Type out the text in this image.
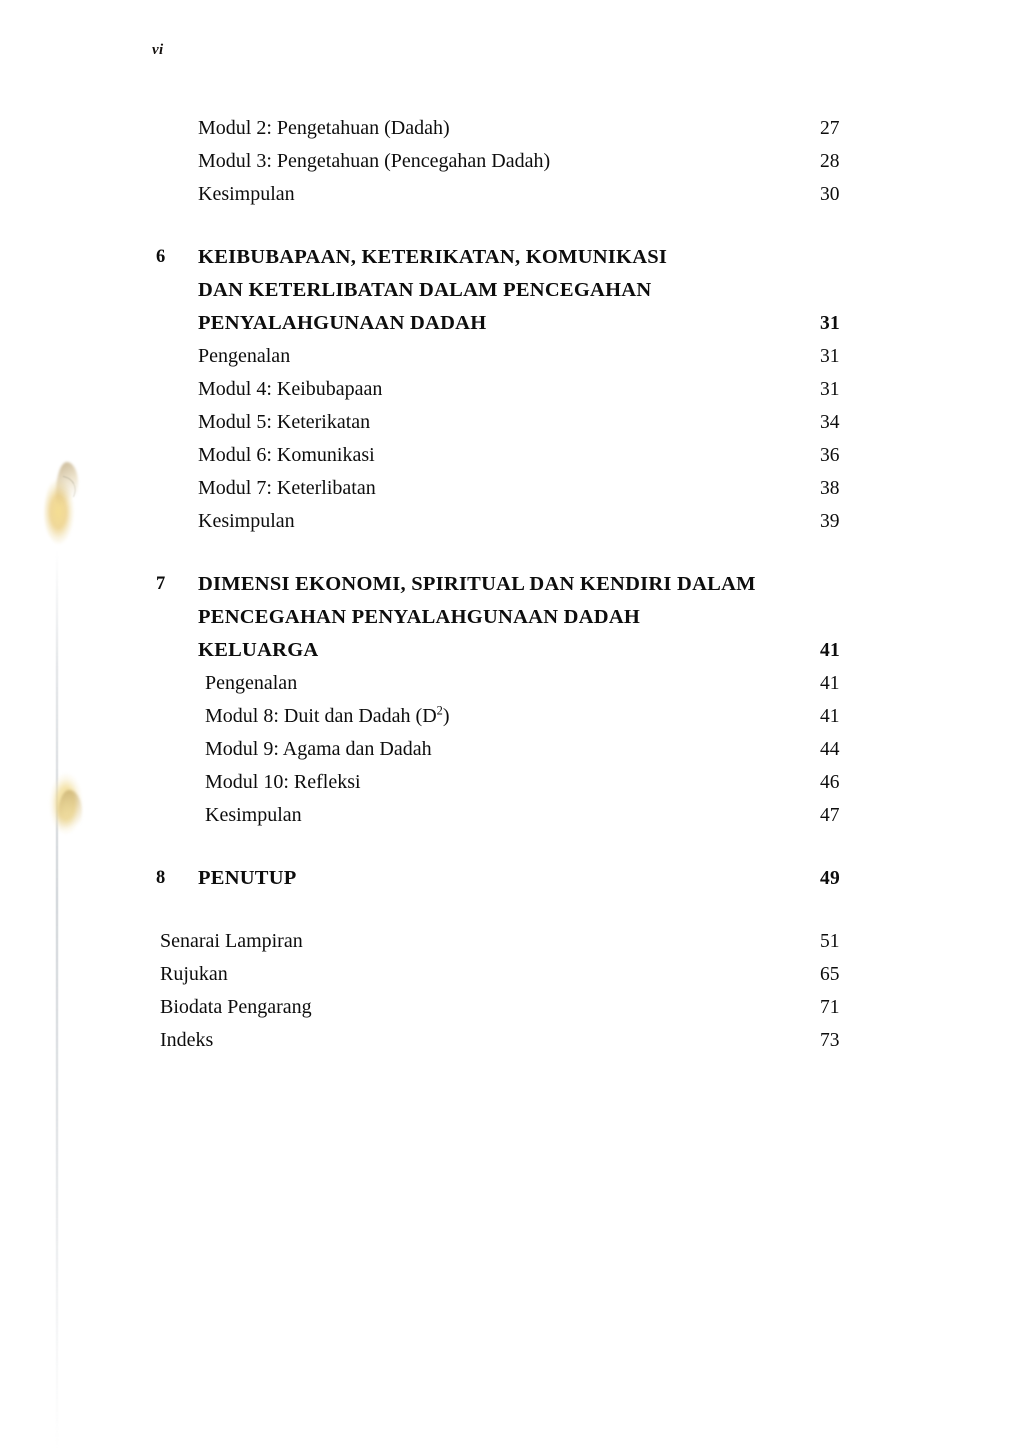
vi
Modul 2: Pengetahuan (Dadah)	27
Modul 3: Pengetahuan (Pencegahan Dadah)	28
Kesimpulan	30
6	KEIBUBAPAAN, KETERIKATAN, KOMUNIKASI
DAN KETERLIBATAN DALAM PENCEGAHAN
PENYALAHGUNAAN DADAH	31
Pengenalan	31
Modul 4: Keibubapaan	31
Modul 5: Keterikatan	34
Modul 6: Komunikasi	36
Modul 7: Keterlibatan	38
Kesimpulan	39
7	DIMENSI EKONOMI, SPIRITUAL DAN KENDIRI DALAM
PENCEGAHAN PENYALAHGUNAAN DADAH
KELUARGA	41
Pengenalan	41
Modul 8: Duit dan Dadah $(D^2)$	41
Modul 9: Agama dan Dadah	44
Modul 10: Refleksi	46
Kesimpulan	47
8	PENUTUP	49
Senarai Lampiran	51
Rujukan	65
Biodata Pengarang	71
Indeks	73
